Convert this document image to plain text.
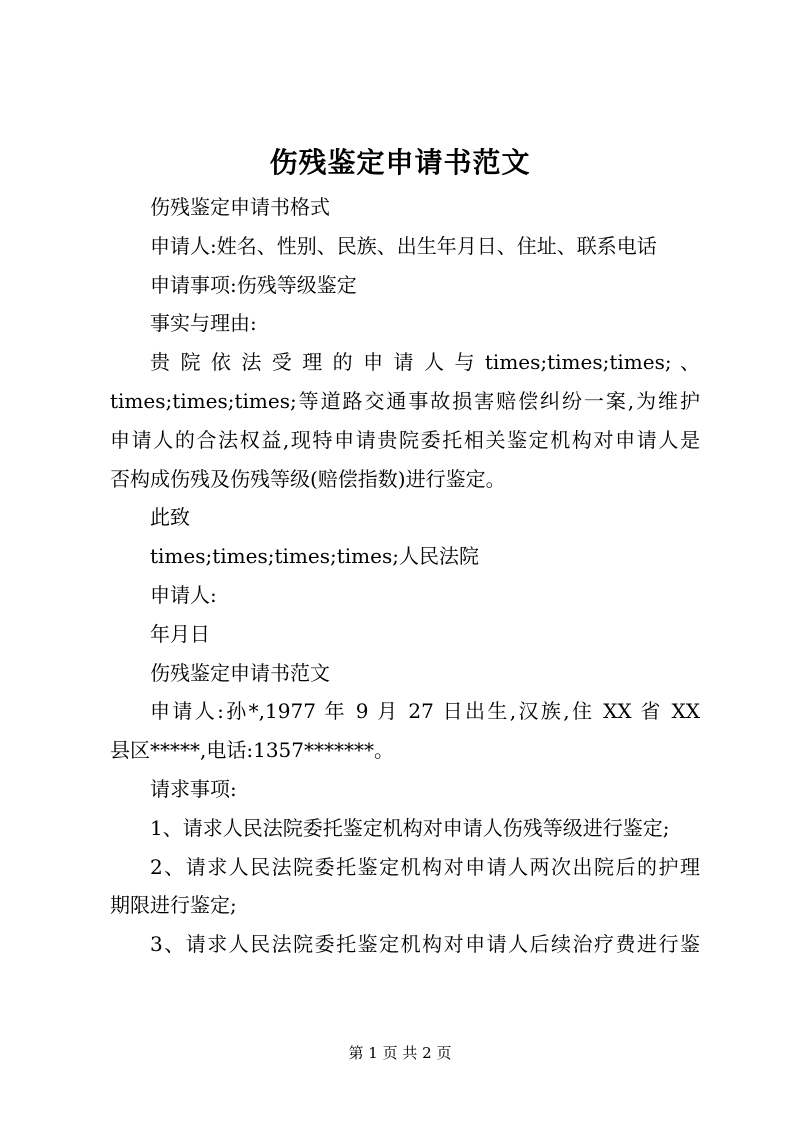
伤残鉴定申请书范文
伤残鉴定申请书格式
申请人:姓名、性别、民族、出生年月日、住址、联系电话
申请事项:伤残等级鉴定
事实与理由:
贵 院 依 法 受 理 的 申 请 人 与 times;times;times; 、
times;times;times;等道路交通事故损害赔偿纠纷一案,为维护
申请人的合法权益,现特申请贵院委托相关鉴定机构对申请人是
否构成伤残及伤残等级(赔偿指数)进行鉴定。
此致
times;times;times;times;人民法院
申请人:
年月日
伤残鉴定申请书范文
申请人:孙*,1977 年 9 月 27 日出生,汉族,住 XX 省 XX
县区*****,电话:1357*******。
请求事项:
1、请求人民法院委托鉴定机构对申请人伤残等级进行鉴定;
2、请求人民法院委托鉴定机构对申请人两次出院后的护理
期限进行鉴定;
3、请求人民法院委托鉴定机构对申请人后续治疗费进行鉴
第 1 页 共 2 页
